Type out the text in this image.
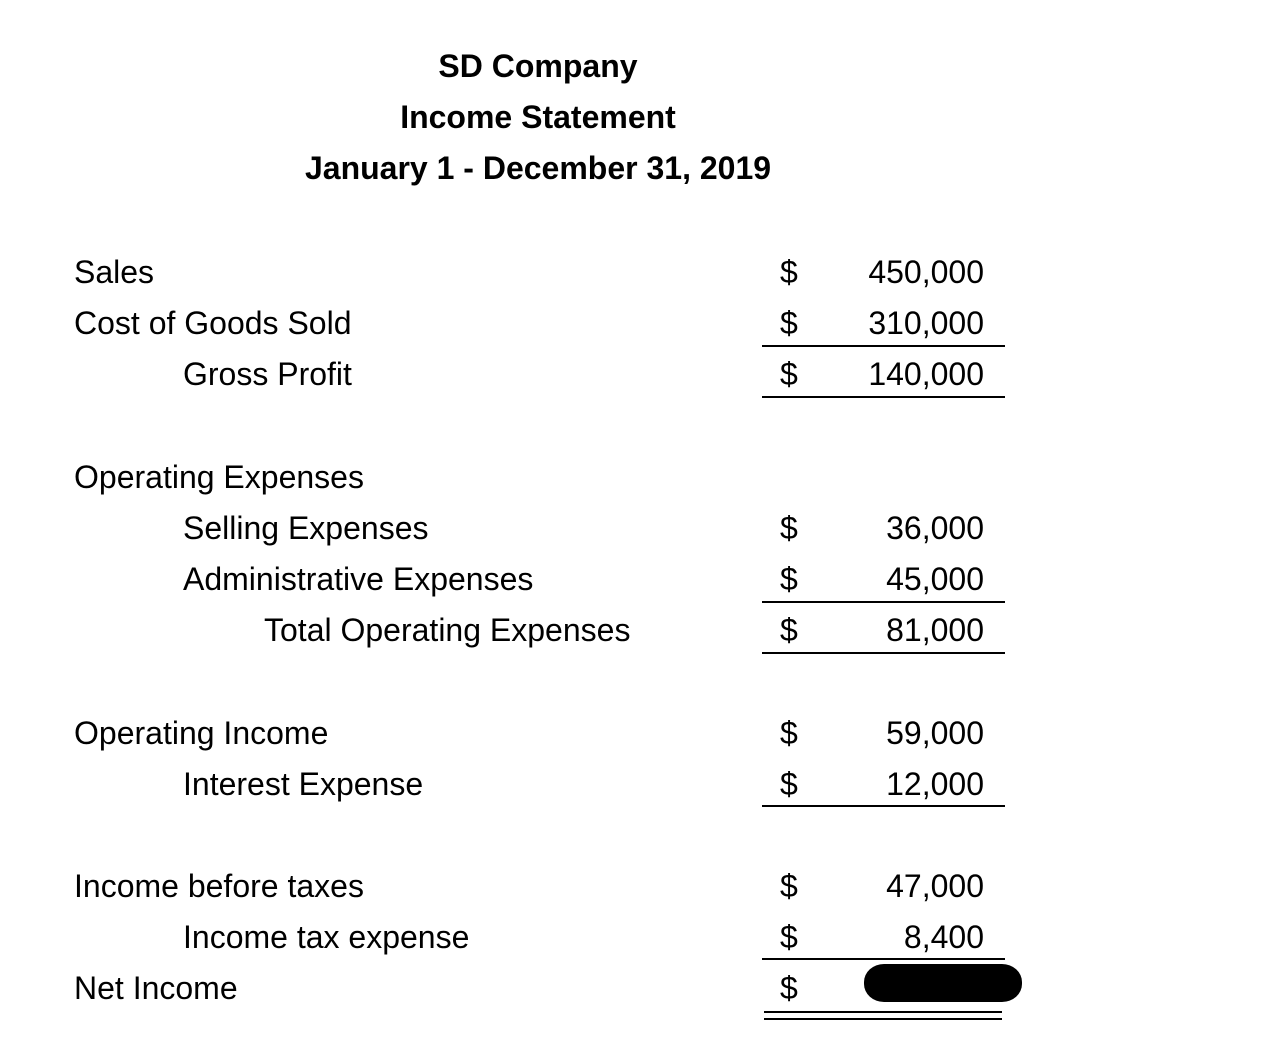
SD Company
Income Statement
January 1 - December 31, 2019
Sales	$ 450,000
Cost of Goods Sold	$ 310,000
Gross Profit	$ 140,000
Operating Expenses
Selling Expenses	$	36,000
Administrative Expenses	$	45,000
Total Operating Expenses	$	81,000
Operating Income	$	59,000
Interest Expense	$	12,000
Income before taxes	$	47,000
Income tax expense	$	8,400
Net Income	$
